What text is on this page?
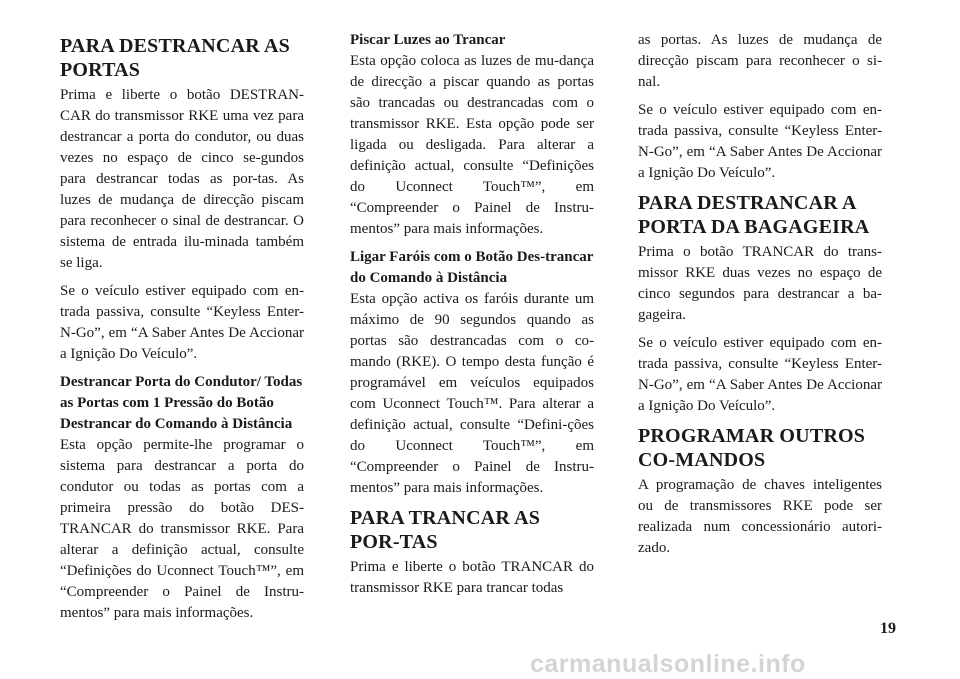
PARA DESTRANCAR AS PORTAS

Prima e liberte o botão DESTRAN-CAR do transmissor RKE uma vez para destrancar a porta do condutor, ou duas vezes no espaço de cinco se-gundos para destrancar todas as por-tas. As luzes de mudança de direcção piscam para reconhecer o sinal de destrancar. O sistema de entrada ilu-minada também se liga.

Se o veículo estiver equipado com en-trada passiva, consulte “Keyless Enter-N-Go”, em “A Saber Antes De Accionar a Ignição Do Veículo”.

Destrancar Porta do Condutor/ Todas as Portas com 1 Pressão do Botão Destrancar do Comando à Distância

Esta opção permite-lhe programar o sistema para destrancar a porta do condutor ou todas as portas com a primeira pressão do botão DES-TRANCAR do transmissor RKE. Para alterar a definição actual, consulte “Definições do Uconnect Touch™”, em “Compreender o Painel de Instru-mentos” para mais informações.

Piscar Luzes ao Trancar

Esta opção coloca as luzes de mu-dança de direcção a piscar quando as portas são trancadas ou destrancadas com o transmissor RKE. Esta opção pode ser ligada ou desligada. Para alterar a definição actual, consulte “Definições do Uconnect Touch™”, em “Compreender o Painel de Instru-mentos” para mais informações.

Ligar Faróis com o Botão Des-trancar do Comando à Distância

Esta opção activa os faróis durante um máximo de 90 segundos quando as portas são destrancadas com o co-mando (RKE). O tempo desta função é programável em veículos equipados com Uconnect Touch™. Para alterar a definição actual, consulte “Defini-ções do Uconnect Touch™”, em “Compreender o Painel de Instru-mentos” para mais informações.

PARA TRANCAR AS POR-TAS

Prima e liberte o botão TRANCAR do transmissor RKE para trancar todas

as portas. As luzes de mudança de direcção piscam para reconhecer o si-nal.

Se o veículo estiver equipado com en-trada passiva, consulte “Keyless Enter-N-Go”, em “A Saber Antes De Accionar a Ignição Do Veículo”.

PARA DESTRANCAR A PORTA DA BAGAGEIRA

Prima o botão TRANCAR do trans-missor RKE duas vezes no espaço de cinco segundos para destrancar a ba-gageira.

Se o veículo estiver equipado com en-trada passiva, consulte “Keyless Enter-N-Go”, em “A Saber Antes De Accionar a Ignição Do Veículo”.

PROGRAMAR OUTROS CO-MANDOS

A programação de chaves inteligentes ou de transmissores RKE pode ser realizada num concessionário autori-zado.

19
carmanualsonline.info
